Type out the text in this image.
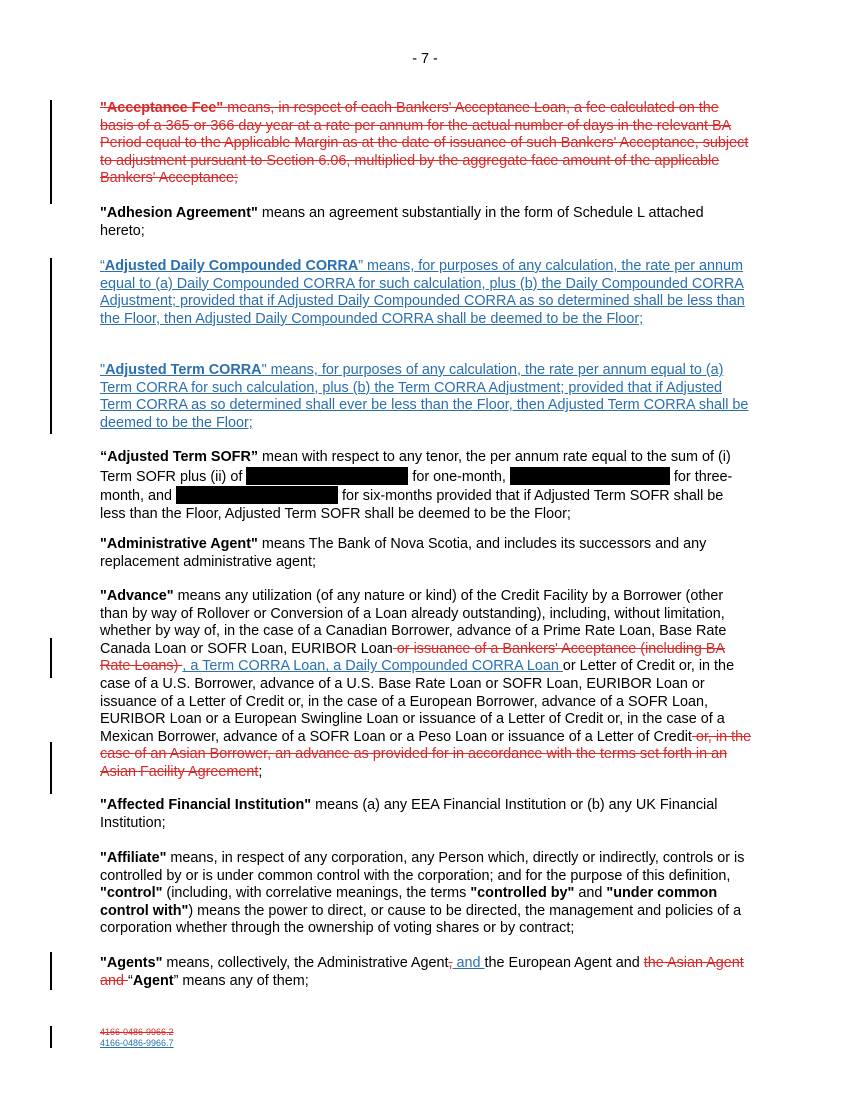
- 7 -

"Acceptance Fee" means, in respect of each Bankers' Acceptance Loan, a fee calculated on the basis of a 365 or 366 day year at a rate per annum for the actual number of days in the relevant BA Period equal to the Applicable Margin as at the date of issuance of such Bankers' Acceptance, subject to adjustment pursuant to Section 6.06, multiplied by the aggregate face amount of the applicable Bankers' Acceptance;

"Adhesion Agreement" means an agreement substantially in the form of Schedule L attached hereto;

“Adjusted Daily Compounded CORRA” means, for purposes of any calculation, the rate per annum equal to (a) Daily Compounded CORRA for such calculation, plus (b) the Daily Compounded CORRA Adjustment; provided that if Adjusted Daily Compounded CORRA as so determined shall be less than the Floor, then Adjusted Daily Compounded CORRA shall be deemed to be the Floor;

"Adjusted Term CORRA" means, for purposes of any calculation, the rate per annum equal to (a) Term CORRA for such calculation, plus (b) the Term CORRA Adjustment; provided that if Adjusted Term CORRA as so determined shall ever be less than the Floor, then Adjusted Term CORRA shall be deemed to be the Floor;

“Adjusted Term SOFR” mean with respect to any tenor, the per annum rate equal to the sum of (i) Term SOFR plus (ii) of	for one-month,	for three-month, and	for six-months provided that if Adjusted Term SOFR shall be less than the Floor, Adjusted Term SOFR shall be deemed to be the Floor;

"Administrative Agent" means The Bank of Nova Scotia, and includes its successors and any replacement administrative agent;

"Advance" means any utilization (of any nature or kind) of the Credit Facility by a Borrower (other than by way of Rollover or Conversion of a Loan already outstanding), including, without limitation, whether by way of, in the case of a Canadian Borrower, advance of a Prime Rate Loan, Base Rate Canada Loan or SOFR Loan, EURIBOR Loan or issuance of a Bankers' Acceptance (including BA Rate Loans) , a Term CORRA Loan, a Daily Compounded CORRA Loan or Letter of Credit or, in the case of a U.S. Borrower, advance of a U.S. Base Rate Loan or SOFR Loan, EURIBOR Loan or issuance of a Letter of Credit or, in the case of a European Borrower, advance of a SOFR Loan, EURIBOR Loan or a European Swingline Loan or issuance of a Letter of Credit or, in the case of a Mexican Borrower, advance of a SOFR Loan or a Peso Loan or issuance of a Letter of Credit or, in the case of an Asian Borrower, an advance as provided for in accordance with the terms set forth in an Asian Facility Agreement;

"Affected Financial Institution" means (a) any EEA Financial Institution or (b) any UK Financial Institution;

"Affiliate" means, in respect of any corporation, any Person which, directly or indirectly, controls or is controlled by or is under common control with the corporation; and for the purpose of this definition, "control" (including, with correlative meanings, the terms "controlled by" and "under common control with") means the power to direct, or cause to be directed, the management and policies of a corporation whether through the ownership of voting shares or by contract;

"Agents" means, collectively, the Administrative Agent, and the European Agent and the Asian Agent and “Agent” means any of them;

4166-0486-9966.2
4166-0486-9966.7
